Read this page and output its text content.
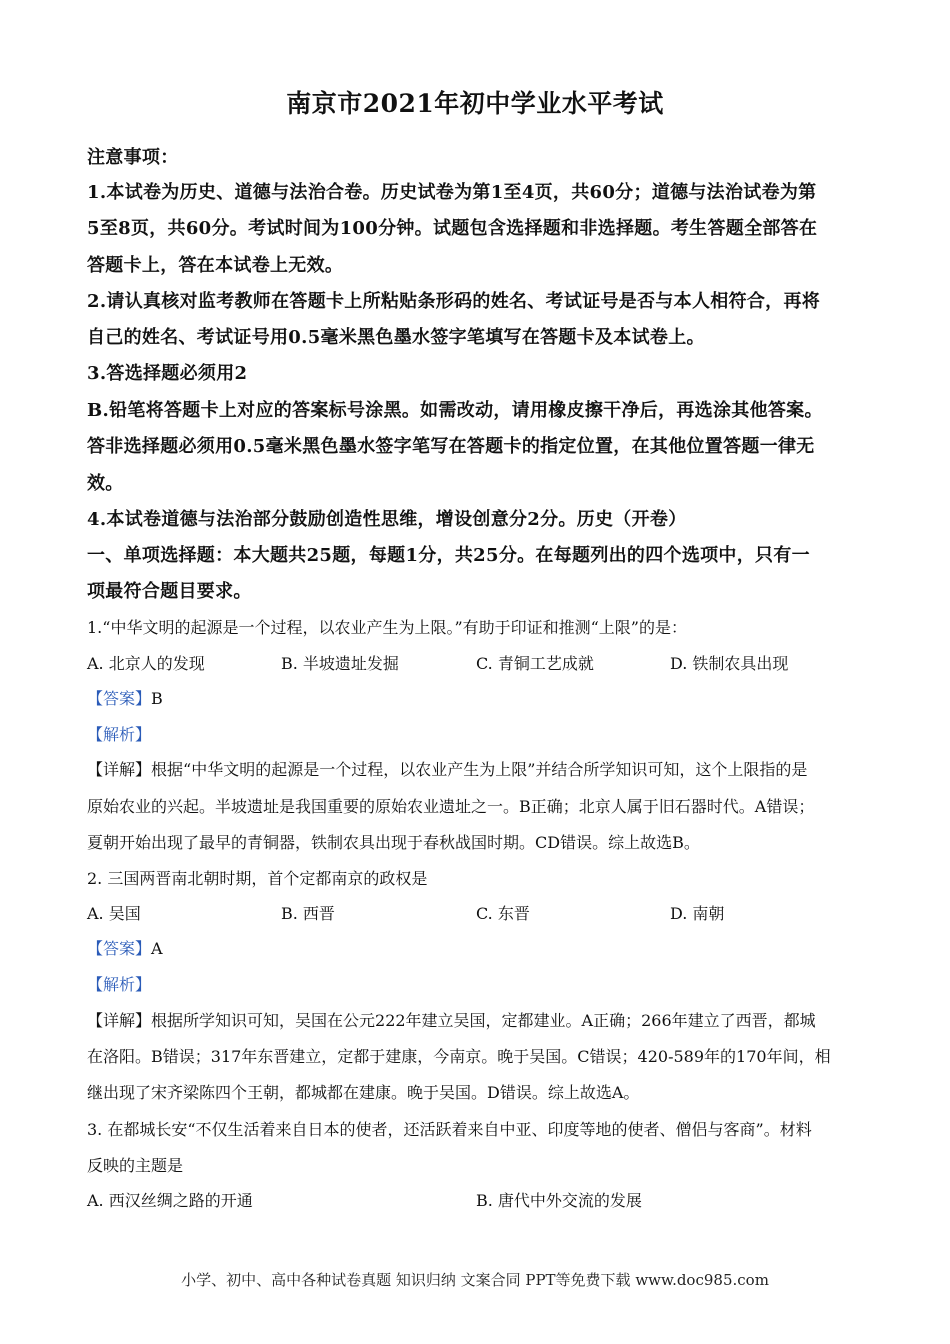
南京市2021年初中学业水平考试
注意事项：
1.本试卷为历史、道德与法治合卷。历史试卷为第1至4页，共60分；道德与法治试卷为第
5至8页，共60分。考试时间为100分钟。试题包含选择题和非选择题。考生答题全部答在
答题卡上，答在本试卷上无效。
2.请认真核对监考教师在答题卡上所粘贴条形码的姓名、考试证号是否与本人相符合，再将
自己的姓名、考试证号用0.5毫米黑色墨水签字笔填写在答题卡及本试卷上。
3.答选择题必须用2
B.铅笔将答题卡上对应的答案标号涂黑。如需改动，请用橡皮擦干净后，再选涂其他答案。
答非选择题必须用0.5毫米黑色墨水签字笔写在答题卡的指定位置，在其他位置答题一律无
效。
4.本试卷道德与法治部分鼓励创造性思维，增设创意分2分。历史（开卷）
一、单项选择题：本大题共25题，每题1分，共25分。在每题列出的四个选项中，只有一
项最符合题目要求。
1.“中华文明的起源是一个过程，以农业产生为上限。”有助于印证和推测“上限”的是：
A. 北京人的发现	B. 半坡遗址发掘	C. 青铜工艺成就	D. 铁制农具出现
【答案】B
【解析】
【详解】根据“中华文明的起源是一个过程，以农业产生为上限”并结合所学知识可知，这个上限指的是
原始农业的兴起。半坡遗址是我国重要的原始农业遗址之一。B正确；北京人属于旧石器时代。A错误；
夏朝开始出现了最早的青铜器，铁制农具出现于春秋战国时期。CD错误。综上故选B。
2. 三国两晋南北朝时期，首个定都南京的政权是
A. 吴国	B. 西晋	C. 东晋	D. 南朝
【答案】A
【解析】
【详解】根据所学知识可知，吴国在公元222年建立吴国，定都建业。A正确；266年建立了西晋，都城
在洛阳。B错误；317年东晋建立，定都于建康，今南京。晚于吴国。C错误；420-589年的170年间，相
继出现了宋齐梁陈四个王朝，都城都在建康。晚于吴国。D错误。综上故选A。
3. 在都城长安“不仅生活着来自日本的使者，还活跃着来自中亚、印度等地的使者、僧侣与客商”。材料
反映的主题是
A. 西汉丝绸之路的开通	B. 唐代中外交流的发展
小学、初中、高中各种试卷真题 知识归纳 文案合同 PPT等免费下载 www.doc985.com
